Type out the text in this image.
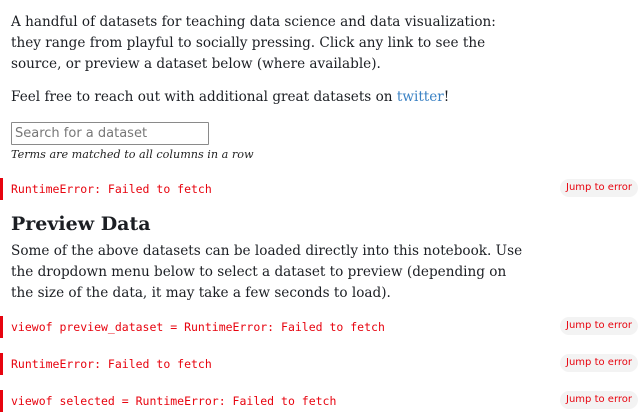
A handful of datasets for teaching data science and data visualization: they range from playful to socially pressing. Click any link to see the source, or preview a dataset below (where available).

Feel free to reach out with additional great datasets on twitter!

Search for a dataset

Terms are matched to all columns in a row

RuntimeError: Failed to fetch	Jump to error
Preview Data

Some of the above datasets can be loaded directly into this notebook. Use the dropdown menu below to select a dataset to preview (depending on the size of the data, it may take a few seconds to load).

viewof preview_dataset = RuntimeError: Failed to fetch	Jump to error
RuntimeError: Failed to fetch	Jump to error
viewof selected = RuntimeError: Failed to fetch	Jump to error
